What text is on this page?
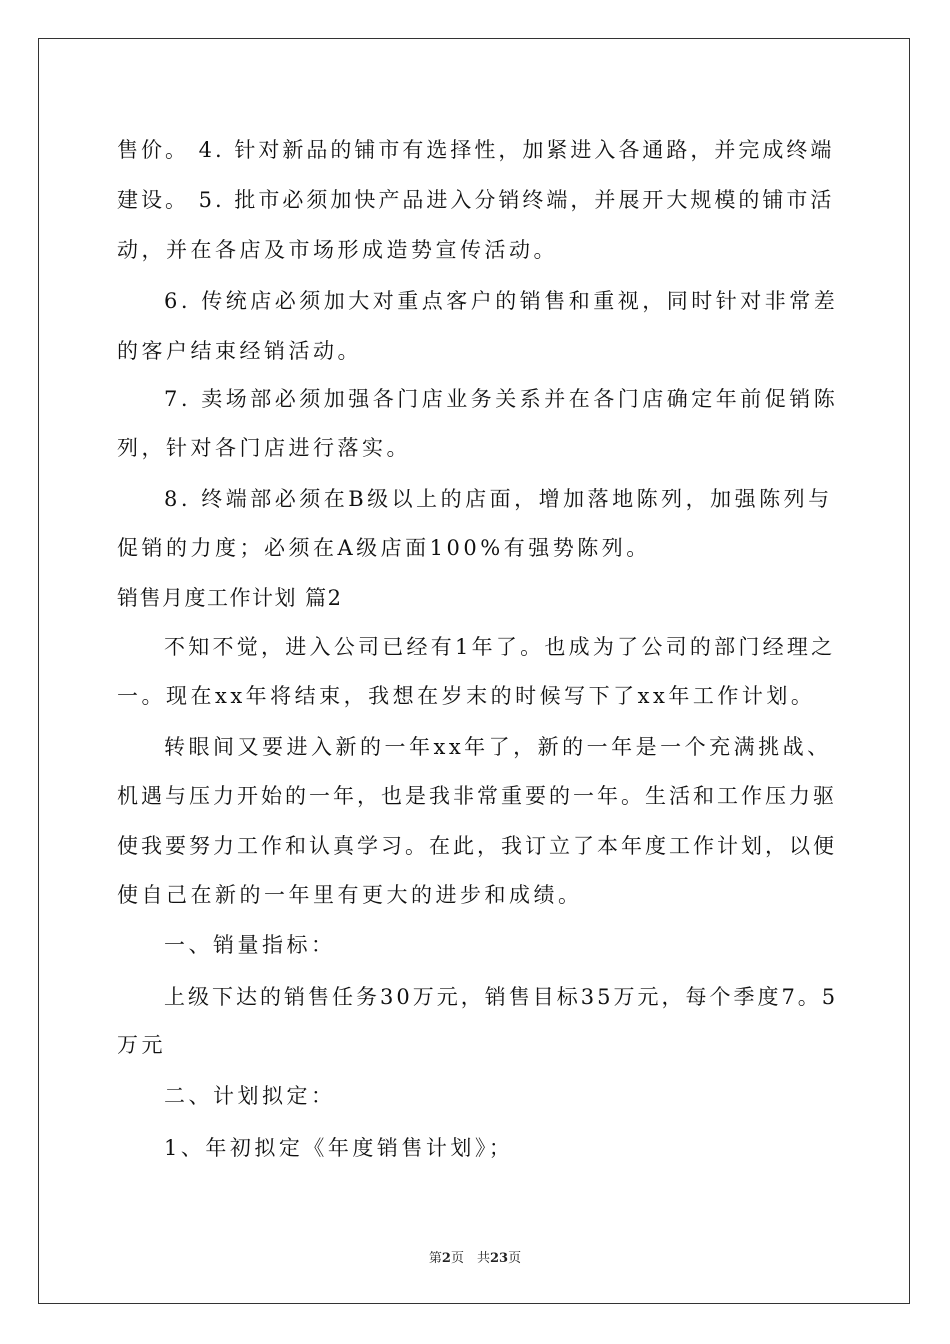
售价。 4. 针对新品的铺市有选择性，加紧进入各通路，并完成终端
建设。 5. 批市必须加快产品进入分销终端，并展开大规模的铺市活
动，并在各店及市场形成造势宣传活动。
6. 传统店必须加大对重点客户的销售和重视，同时针对非常差
的客户结束经销活动。
7. 卖场部必须加强各门店业务关系并在各门店确定年前促销陈
列，针对各门店进行落实。
8. 终端部必须在B级以上的店面，增加落地陈列，加强陈列与
促销的力度；必须在A级店面100%有强势陈列。
销售月度工作计划 篇2
不知不觉，进入公司已经有1年了。也成为了公司的部门经理之
一。现在xx年将结束，我想在岁末的时候写下了xx年工作计划。
转眼间又要进入新的一年xx年了，新的一年是一个充满挑战、
机遇与压力开始的一年，也是我非常重要的一年。生活和工作压力驱
使我要努力工作和认真学习。在此，我订立了本年度工作计划，以便
使自己在新的一年里有更大的进步和成绩。
一、销量指标：
上级下达的销售任务30万元，销售目标35万元，每个季度7。5
万元
二、计划拟定：
1、年初拟定《年度销售计划》；
第2页　共23页
